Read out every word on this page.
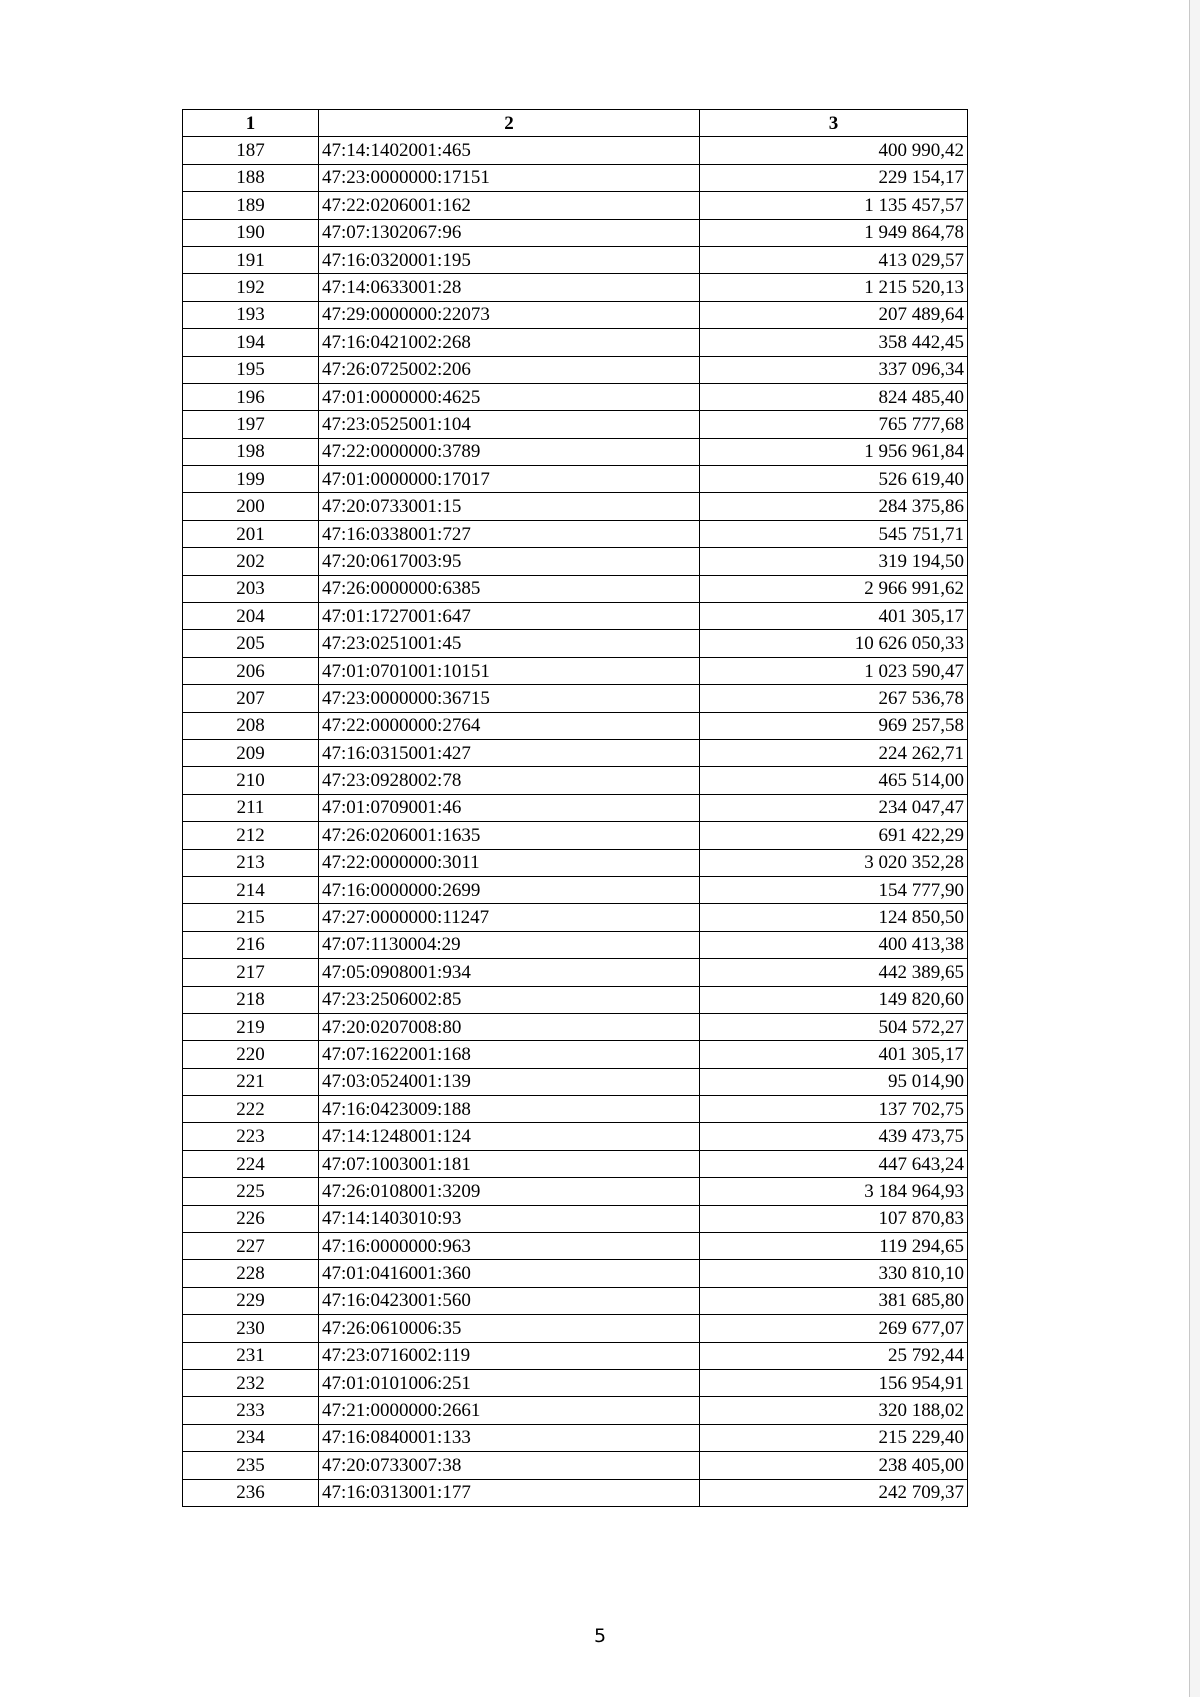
1	2	3
187	47:14:1402001:465	400 990,42
188	47:23:0000000:17151	229 154,17
189	47:22:0206001:162	1 135 457,57
190	47:07:1302067:96	1 949 864,78
191	47:16:0320001:195	413 029,57
192	47:14:0633001:28	1 215 520,13
193	47:29:0000000:22073	207 489,64
194	47:16:0421002:268	358 442,45
195	47:26:0725002:206	337 096,34
196	47:01:0000000:4625	824 485,40
197	47:23:0525001:104	765 777,68
198	47:22:0000000:3789	1 956 961,84
199	47:01:0000000:17017	526 619,40
200	47:20:0733001:15	284 375,86
201	47:16:0338001:727	545 751,71
202	47:20:0617003:95	319 194,50
203	47:26:0000000:6385	2 966 991,62
204	47:01:1727001:647	401 305,17
205	47:23:0251001:45	10 626 050,33
206	47:01:0701001:10151	1 023 590,47
207	47:23:0000000:36715	267 536,78
208	47:22:0000000:2764	969 257,58
209	47:16:0315001:427	224 262,71
210	47:23:0928002:78	465 514,00
211	47:01:0709001:46	234 047,47
212	47:26:0206001:1635	691 422,29
213	47:22:0000000:3011	3 020 352,28
214	47:16:0000000:2699	154 777,90
215	47:27:0000000:11247	124 850,50
216	47:07:1130004:29	400 413,38
217	47:05:0908001:934	442 389,65
218	47:23:2506002:85	149 820,60
219	47:20:0207008:80	504 572,27
220	47:07:1622001:168	401 305,17
221	47:03:0524001:139	95 014,90
222	47:16:0423009:188	137 702,75
223	47:14:1248001:124	439 473,75
224	47:07:1003001:181	447 643,24
225	47:26:0108001:3209	3 184 964,93
226	47:14:1403010:93	107 870,83
227	47:16:0000000:963	119 294,65
228	47:01:0416001:360	330 810,10
229	47:16:0423001:560	381 685,80
230	47:26:0610006:35	269 677,07
231	47:23:0716002:119	25 792,44
232	47:01:0101006:251	156 954,91
233	47:21:0000000:2661	320 188,02
234	47:16:0840001:133	215 229,40
235	47:20:0733007:38	238 405,00
236	47:16:0313001:177	242 709,37
5
